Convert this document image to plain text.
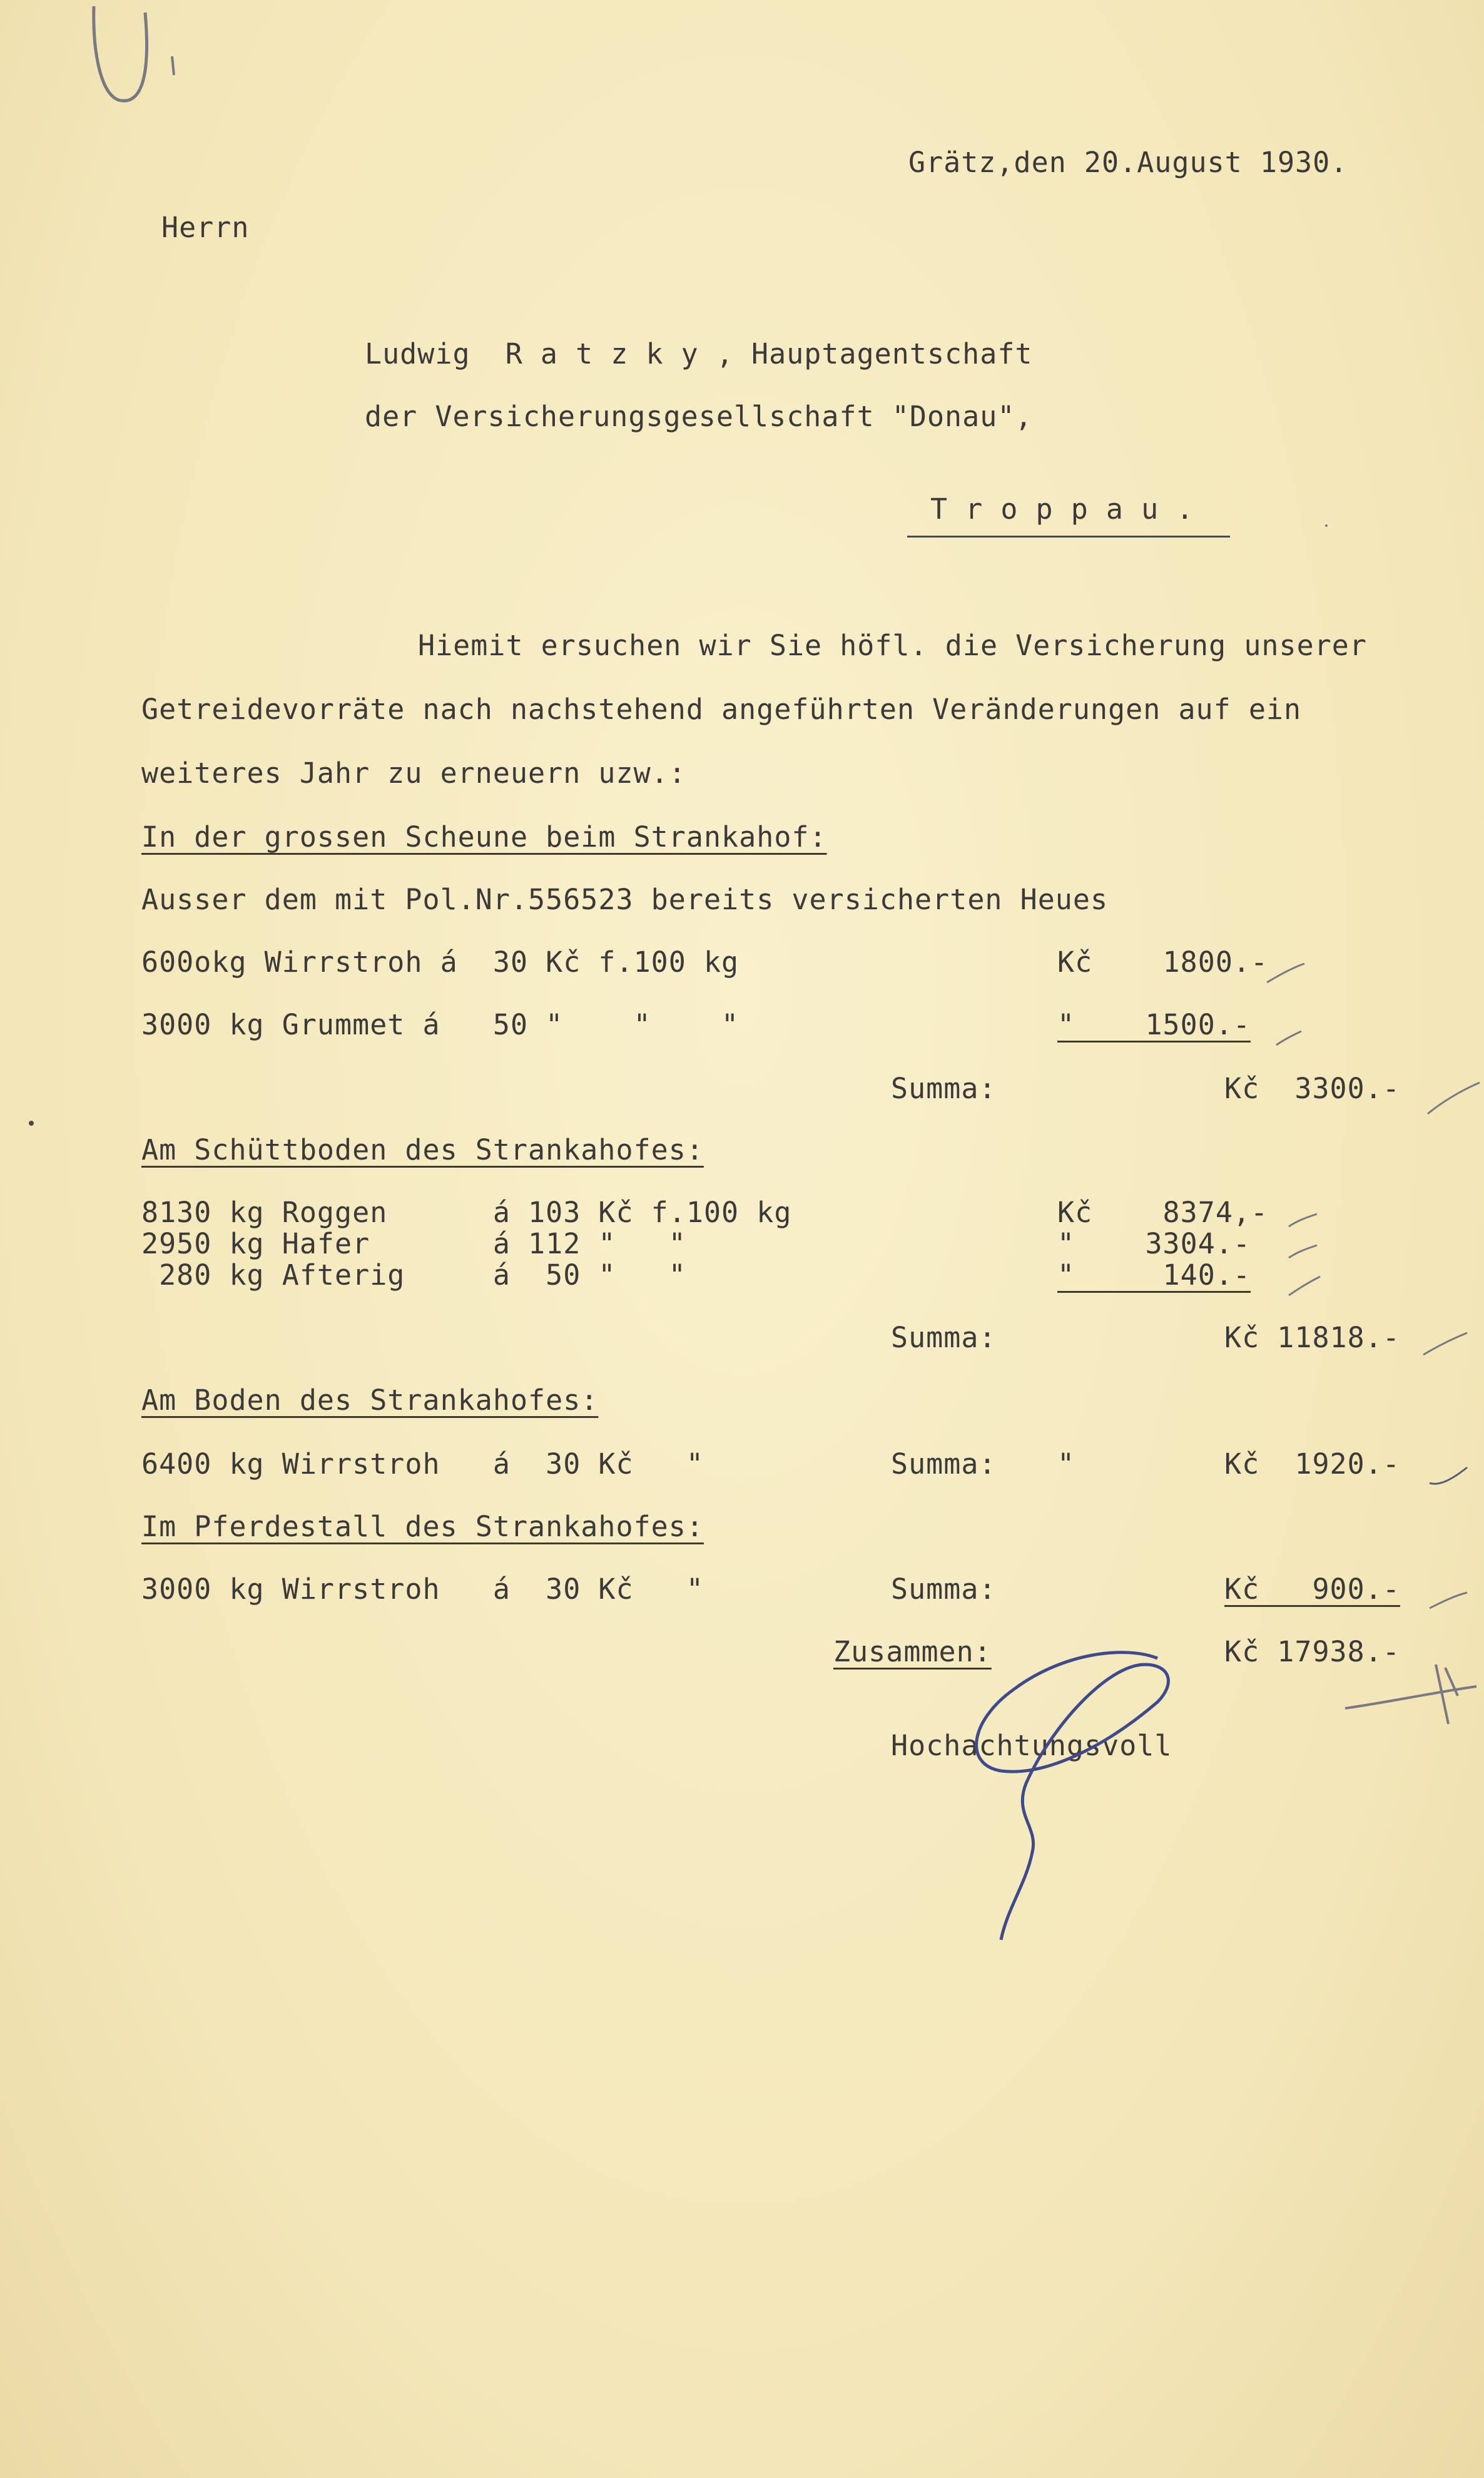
Grätz,den 20.August 1930.
Herrn
Ludwig  R a t z k y , Hauptagentschaft
der Versicherungsgesellschaft "Donau",
T r o p p a u .
Hiemit ersuchen wir Sie höfl. die Versicherung unserer
Getreidevorräte nach nachstehend angeführten Veränderungen auf ein
weiteres Jahr zu erneuern uzw.:
In der grossen Scheune beim Strankahof:
Ausser dem mit Pol.Nr.556523 bereits versicherten Heues
600okg Wirrstroh á  30 Kč f.100 kg	Kč    1800.-
3000 kg Grummet á   50 "    "    "	"    1500.-
Summa:	Kč  3300.-
Am Schüttboden des Strankahofes:
8130 kg Roggen      á 103 Kč f.100 kg	Kč    8374,-
2950 kg Hafer       á 112 "   "	"    3304.-
280 kg Afterig     á  50 "   "	"     140.-
Summa:	Kč 11818.-
Am Boden des Strankahofes:
6400 kg Wirrstroh   á  30 Kč   "	Summa: "	Kč  1920.-
Im Pferdestall des Strankahofes:
3000 kg Wirrstroh   á  30 Kč   "	Summa:	Kč   900.-
Zusammen:	Kč 17938.-
Hochachtungsvoll
